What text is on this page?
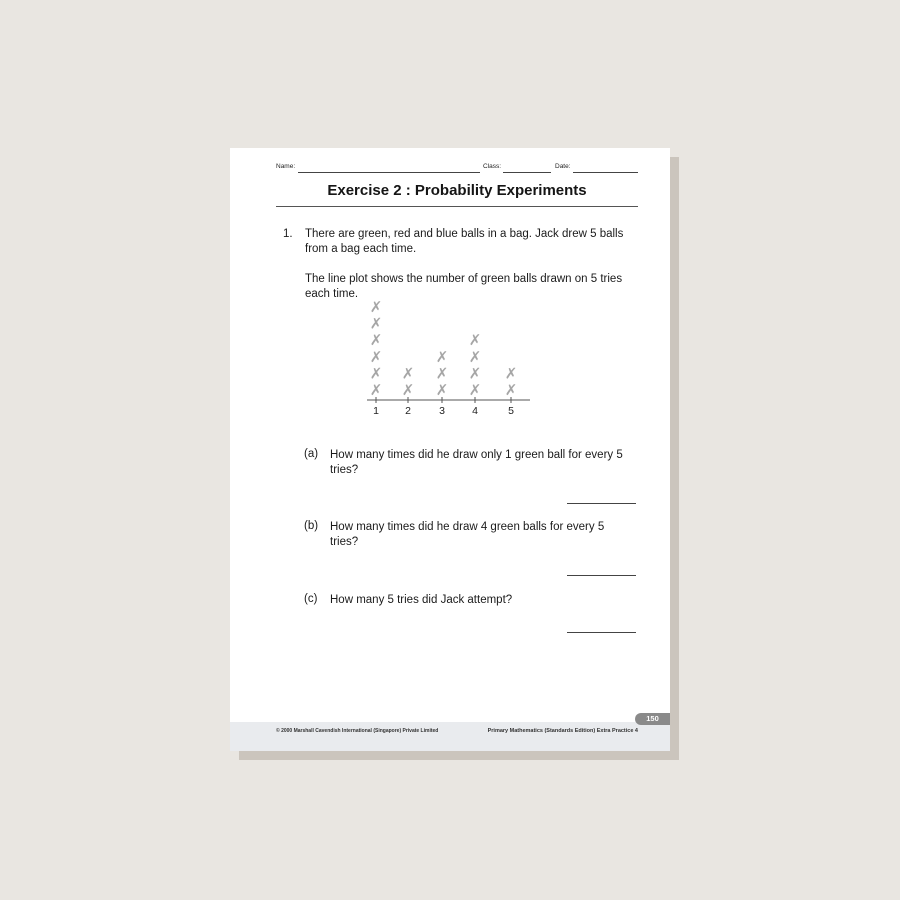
Name:	Class:	Date:
Exercise 2 : Probability Experiments
1. There are green, red and blue balls in a bag. Jack drew 5 balls from a bag each time.
The line plot shows the number of green balls drawn on 5 tries each time.
1
✗
✗
✗
✗
✗
✗
2
✗
✗
3
✗
✗
✗
4
✗
✗
✗
✗
5
✗
✗
(a) How many times did he draw only 1 green ball for every 5 tries?
(b) How many times did he draw 4 green balls for every 5 tries?
(c) How many 5 tries did Jack attempt?
150
© 2000 Marshall Cavendish International (Singapore) Private Limited	Primary Mathematics (Standards Edition) Extra Practice 4
